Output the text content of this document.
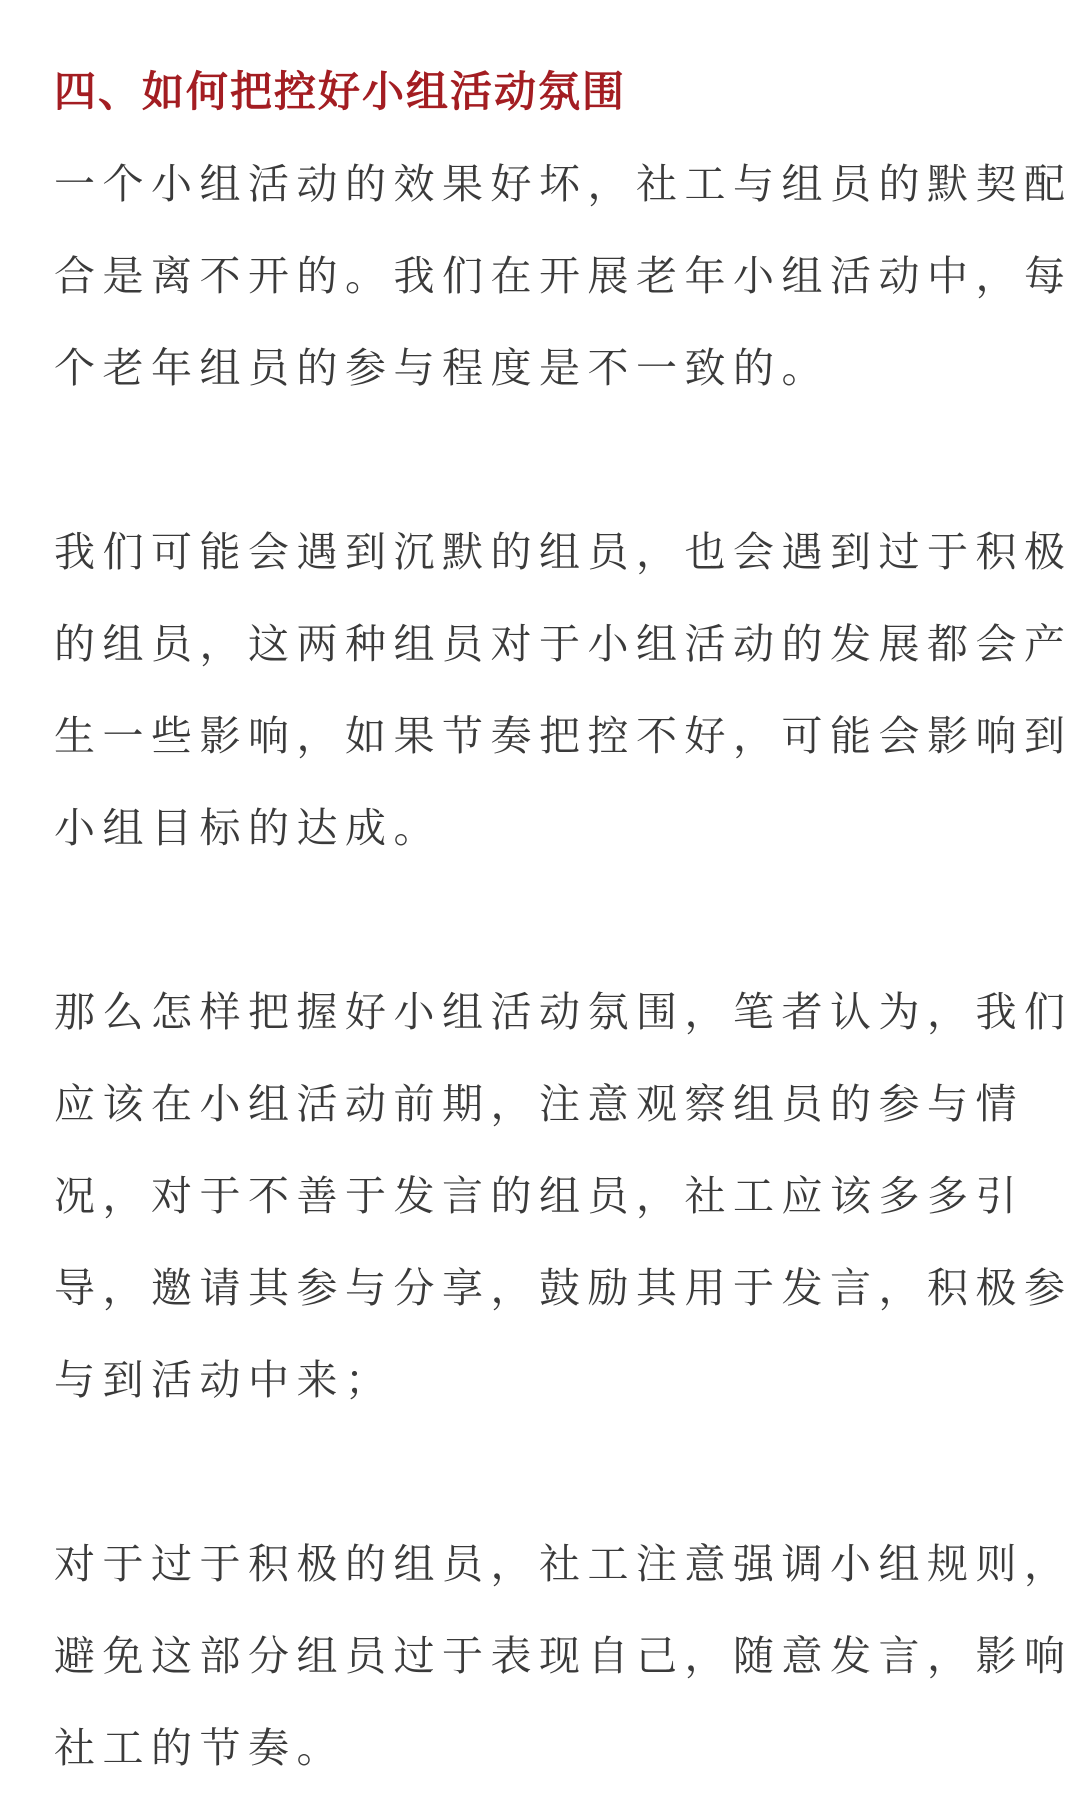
四、如何把控好小组活动氛围
一个小组活动的效果好坏，社工与组员的默契配
合是离不开的。我们在开展老年小组活动中，每
个老年组员的参与程度是不一致的。
我们可能会遇到沉默的组员，也会遇到过于积极
的组员，这两种组员对于小组活动的发展都会产
生一些影响，如果节奏把控不好，可能会影响到
小组目标的达成。
那么怎样把握好小组活动氛围，笔者认为，我们
应该在小组活动前期，注意观察组员的参与情
况，对于不善于发言的组员，社工应该多多引
导，邀请其参与分享，鼓励其用于发言，积极参
与到活动中来；
对于过于积极的组员，社工注意强调小组规则，
避免这部分组员过于表现自己，随意发言，影响
社工的节奏。
